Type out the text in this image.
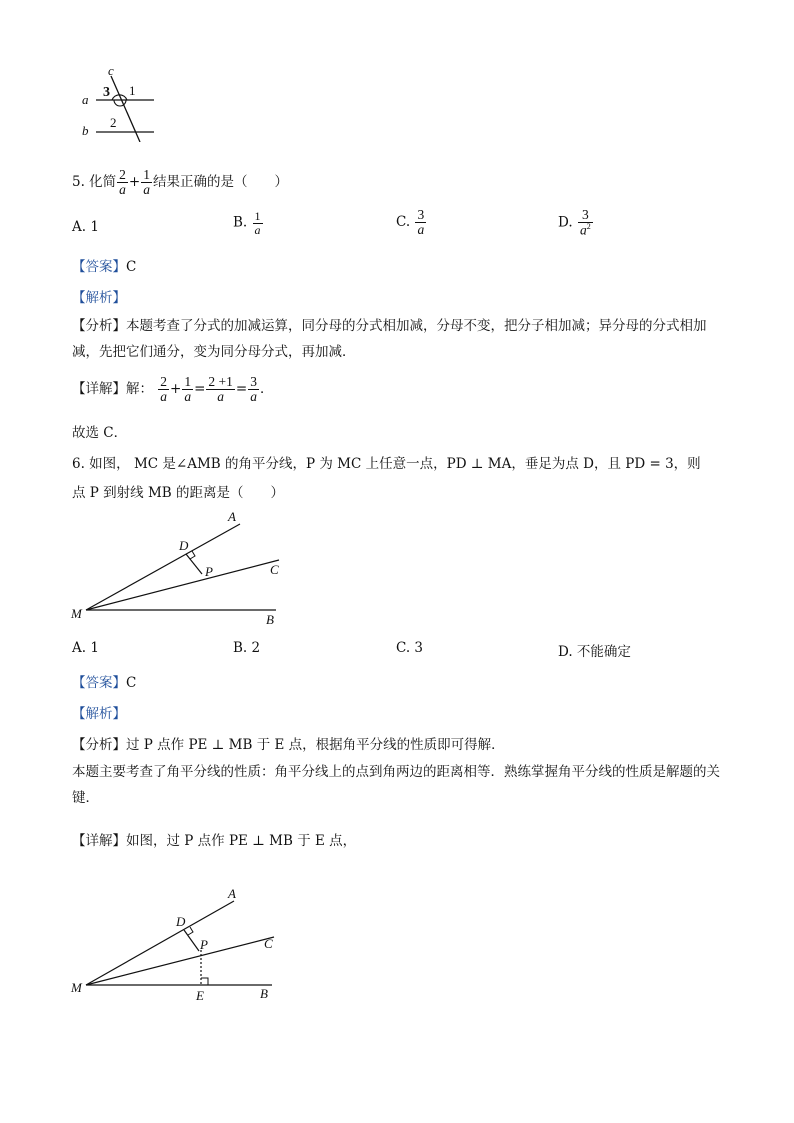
c
a
b
3 1
2
5. 化简 $\frac{2}{a} + \frac{1}{a}$ 结果正确的是（　　）
A. 1	B. $\frac{1}{a}$	C. $\frac{3}{a}$	D. $\frac{3}{a^2}$
【答案】C
【解析】
【分析】本题考查了分式的加减运算，同分母的分式相加减，分母不变，把分子相加减；异分母的分式相加减，先把它们通分，变为同分母分式，再加减．
【详解】解： $\frac{2}{a} + \frac{1}{a} = \frac{2 +1}{a} = \frac{3}{a}$ ．
故选 C．
6. 如图， MC 是∠AMB 的角平分线，P 为 MC 上任意一点，PD ⊥ MA，垂足为点 D，且 PD = 3，则
点 P 到射线 MB 的距离是（　　）
A
D
P	C
M	B
A. 1	B. 2	C. 3	D. 不能确定
【答案】C
【解析】
【分析】过 P 点作 PE ⊥ MB 于 E 点，根据角平分线的性质即可得解．
本题主要考查了角平分线的性质：角平分线上的点到角两边的距离相等．熟练掌握角平分线的性质是解题的关键．
【详解】如图，过 P 点作 PE ⊥ MB 于 E 点，
A
D
P	C
M
E	B
